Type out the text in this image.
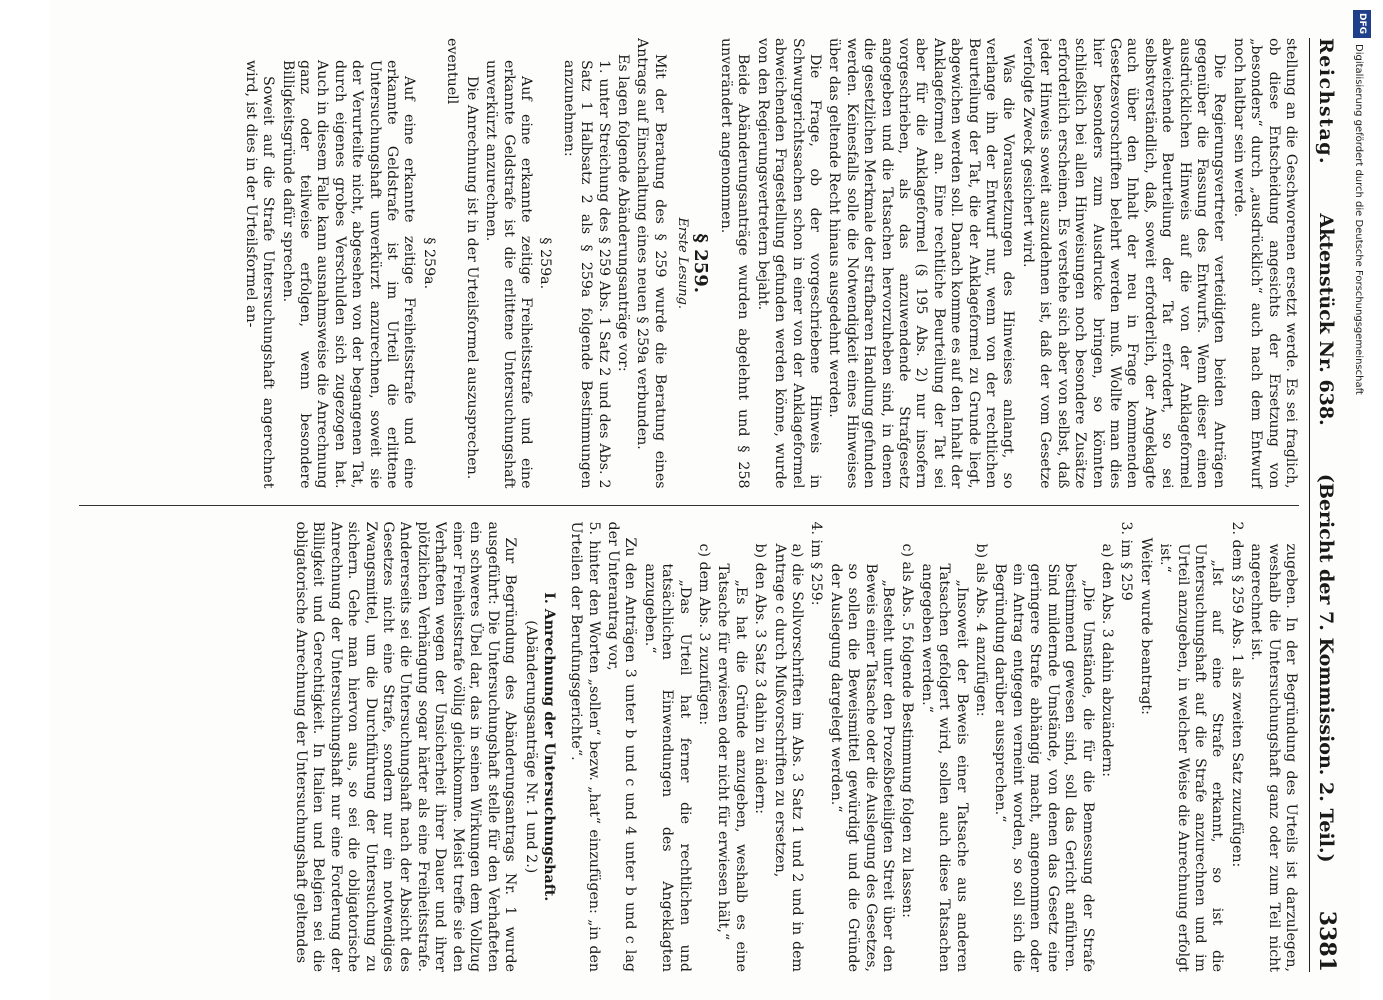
Reichstag.
Aktenstück Nr. 638.
(Bericht der 7. Kommission. 2. Teil.)
3381

stellung an die Geschworenen ersetzt werde. Es sei fraglich, ob diese Entscheidung angesichts der Ersetzung von „besonders“ durch „ausdrücklich“ auch nach dem Entwurf noch haltbar sein werde.

Die Regierungsvertreter verteidigten beiden Anträgen gegenüber die Fassung des Entwurfs. Wenn dieser einen ausdrücklichen Hinweis auf die von der Anklageformel abweichende Beurteilung der Tat erfordert, so sei selbstverständlich, daß, soweit erforderlich, der Angeklagte auch über den Inhalt der neu in Frage kommenden Gesetzesvorschriften belehrt werden muß. Wollte man dies hier besonders zum Ausdrucke bringen, so könnten schließlich bei allen Hinweisungen noch besondere Zusätze erforderlich erscheinen. Es verstehe sich aber von selbst, daß jeder Hinweis soweit auszudehnen ist, daß der vom Gesetze verfolgte Zweck gesichert wird.

Was die Voraussetzungen des Hinweises anlangt, so verlange ihn der Entwurf nur, wenn von der rechtlichen Beurteilung der Tat, die der Anklageformel zu Grunde liegt, abgewichen werden soll. Danach komme es auf den Inhalt der Anklageformel an. Eine rechtliche Beurteilung der Tat sei aber für die Anklageformel (§ 195 Abs. 2) nur insofern vorgeschrieben, als das anzuwendende Strafgesetz angegeben und die Tatsachen hervorzuheben sind, in denen die gesetzlichen Merkmale der strafbaren Handlung gefunden werden. Keinesfalls solle die Notwendigkeit eines Hinweises über das geltende Recht hinaus ausgedehnt werden.

Die Frage, ob der vorgeschriebene Hinweis in Schwurgerichtssachen schon in einer von der Anklageformel abweichenden Fragestellung gefunden werden könne, wurde von den Regierungsvertretern bejaht.

Beide Abänderungsanträge wurden abgelehnt und § 258 unverändert angenommen.

§ 259.
Erste Lesung.

Mit der Beratung des § 259 wurde die Beratung eines Antrags auf Einschaltung eines neuen § 259a verbunden.

Es lagen folgende Abänderungsanträge vor:

1. unter Streichung des § 259 Abs. 1 Satz 2 und des Abs. 2 Satz 1 Halbsatz 2 als § 259a folgende Bestimmungen anzunehmen:

§ 259a.

Auf eine erkannte zeitige Freiheitsstrafe und eine erkannte Geldstrafe ist die erlittene Untersuchungshaft unverkürzt anzurechnen.

Die Anrechnung ist in der Urteilsformel auszusprechen.

eventuell

§ 259a.

Auf eine erkannte zeitige Freiheitsstrafe und eine erkannte Geldstrafe ist im Urteil die erlittene Untersuchungshaft unverkürzt anzurechnen, soweit sie der Verurteilte nicht, abgesehen von der begangenen Tat, durch eigenes grobes Verschulden sich zugezogen hat. Auch in diesem Falle kann ausnahmsweise die Anrechnung ganz oder teilweise erfolgen, wenn besondere Billigkeitsgründe dafür sprechen.

Soweit auf die Strafe Untersuchungshaft angerechnet wird, ist dies in der Urteilsformel an-

zugeben. In der Begründung des Urteils ist darzulegen, weshalb die Untersuchungshaft ganz oder zum Teil nicht angerechnet ist.

2. dem § 259 Abs. 1 als zweiten Satz zuzufügen:

„Ist auf eine Strafe erkannt, so ist die Untersuchungshaft auf die Strafe anzurechnen und im Urteil anzugeben, in welcher Weise die Anrechnung erfolgt ist.“

Weiter wurde beantragt:

3. im § 259

a) den Abs. 3 dahin abzuändern:

„Die Umstände, die für die Bemessung der Strafe bestimmend gewesen sind, soll das Gericht anführen. Sind mildernde Umstände, von denen das Gesetz eine geringere Strafe abhängig macht, angenommen oder ein Antrag entgegen verneint worden, so soll sich die Begründung darüber aussprechen.“

b) als Abs. 4 anzufügen:

„Insoweit der Beweis einer Tatsache aus anderen Tatsachen gefolgert wird, sollen auch diese Tatsachen angegeben werden.“

c) als Abs. 5 folgende Bestimmung folgen zu lassen:

„Besteht unter den Prozeßbeteiligten Streit über den Beweis einer Tatsache oder die Auslegung des Gesetzes, so sollen die Beweismittel gewürdigt und die Gründe der Auslegung dargelegt werden.“

4. im § 259:

a) die Sollvorschriften im Abs. 3 Satz 1 und 2 und in dem Antrage c durch Mußvorschriften zu ersetzen,

b) den Abs. 3 Satz 3 dahin zu ändern:

„Es hat die Gründe anzugeben, weshalb es eine Tatsache für erwiesen oder nicht für erwiesen hält,“

c) dem Abs. 3 zuzufügen:

„Das Urteil hat ferner die rechtlichen und tatsächlichen Einwendungen des Angeklagten anzugeben.“

Zu den Anträgen 3 unter b und c und 4 unter b und c lag der Unterantrag vor,

5. hinter den Worten „sollen“ bezw. „hat“ einzufügen: „in den Urteilen der Berufungsgerichte“.

I. Anrechnung der Untersuchungshaft.
(Abänderungsanträge Nr. 1 und 2.)

Zur Begründung des Abänderungsantrags Nr. 1 wurde ausgeführt: Die Untersuchungshaft stelle für den Verhafteten ein schweres Übel dar, das in seinen Wirkungen dem Vollzug einer Freiheitsstrafe völlig gleichkomme. Meist treffe sie den Verhafteten wegen der Unsicherheit ihrer Dauer und ihrer plötzlichen Verhängung sogar härter als eine Freiheitsstrafe. Andererseits sei die Untersuchungshaft nach der Absicht des Gesetzes nicht eine Strafe, sondern nur ein notwendiges Zwangsmittel, um die Durchführung der Untersuchung zu sichern. Gehe man hiervon aus, so sei die obligatorische Anrechnung der Untersuchungshaft nur eine Forderung der Billigkeit und Gerechtigkeit. In Italien und Belgien sei die obligatorische Anrechnung der Untersuchungshaft geltendes

DFG
Digitalisierung gefördert durch die Deutsche Forschungsgemeinschaft
